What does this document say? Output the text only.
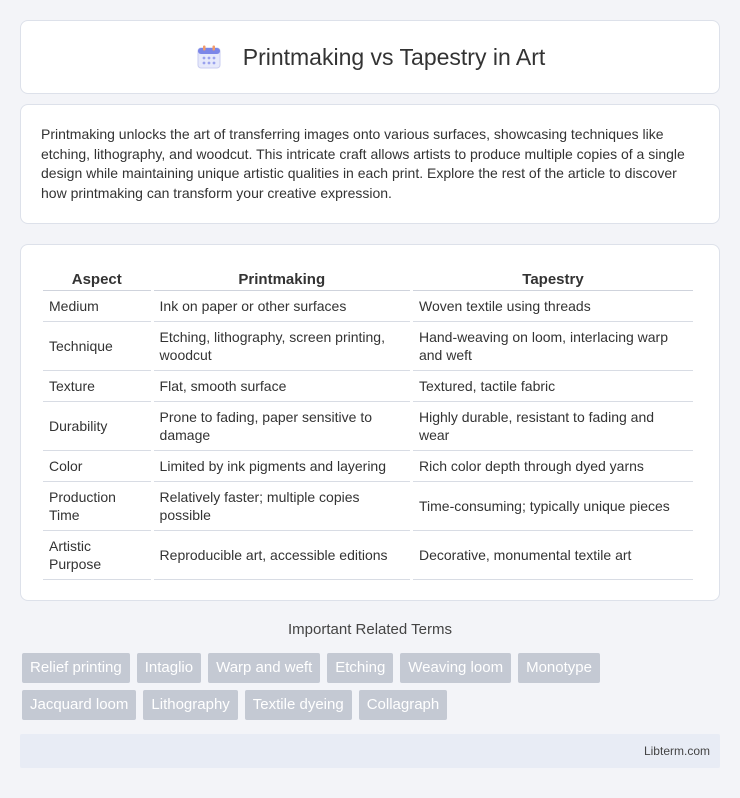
Printmaking vs Tapestry in Art

Printmaking unlocks the art of transferring images onto various surfaces, showcasing techniques like etching, lithography, and woodcut. This intricate craft allows artists to produce multiple copies of a single design while maintaining unique artistic qualities in each print. Explore the rest of the article to discover how printmaking can transform your creative expression.

Aspect	Printmaking	Tapestry
Medium	Ink on paper or other surfaces	Woven textile using threads
Technique	Etching, lithography, screen printing, woodcut	Hand-weaving on loom, interlacing warp and weft
Texture	Flat, smooth surface	Textured, tactile fabric
Durability	Prone to fading, paper sensitive to damage	Highly durable, resistant to fading and wear
Color	Limited by ink pigments and layering	Rich color depth through dyed yarns
Production Time	Relatively faster; multiple copies possible	Time-consuming; typically unique pieces
Artistic Purpose	Reproducible art, accessible editions	Decorative, monumental textile art
Important Related Terms
Relief printing	Intaglio	Warp and weft	Etching	Weaving loom	Monotype
Jacquard loom	Lithography	Textile dyeing	Collagraph
Libterm.com
